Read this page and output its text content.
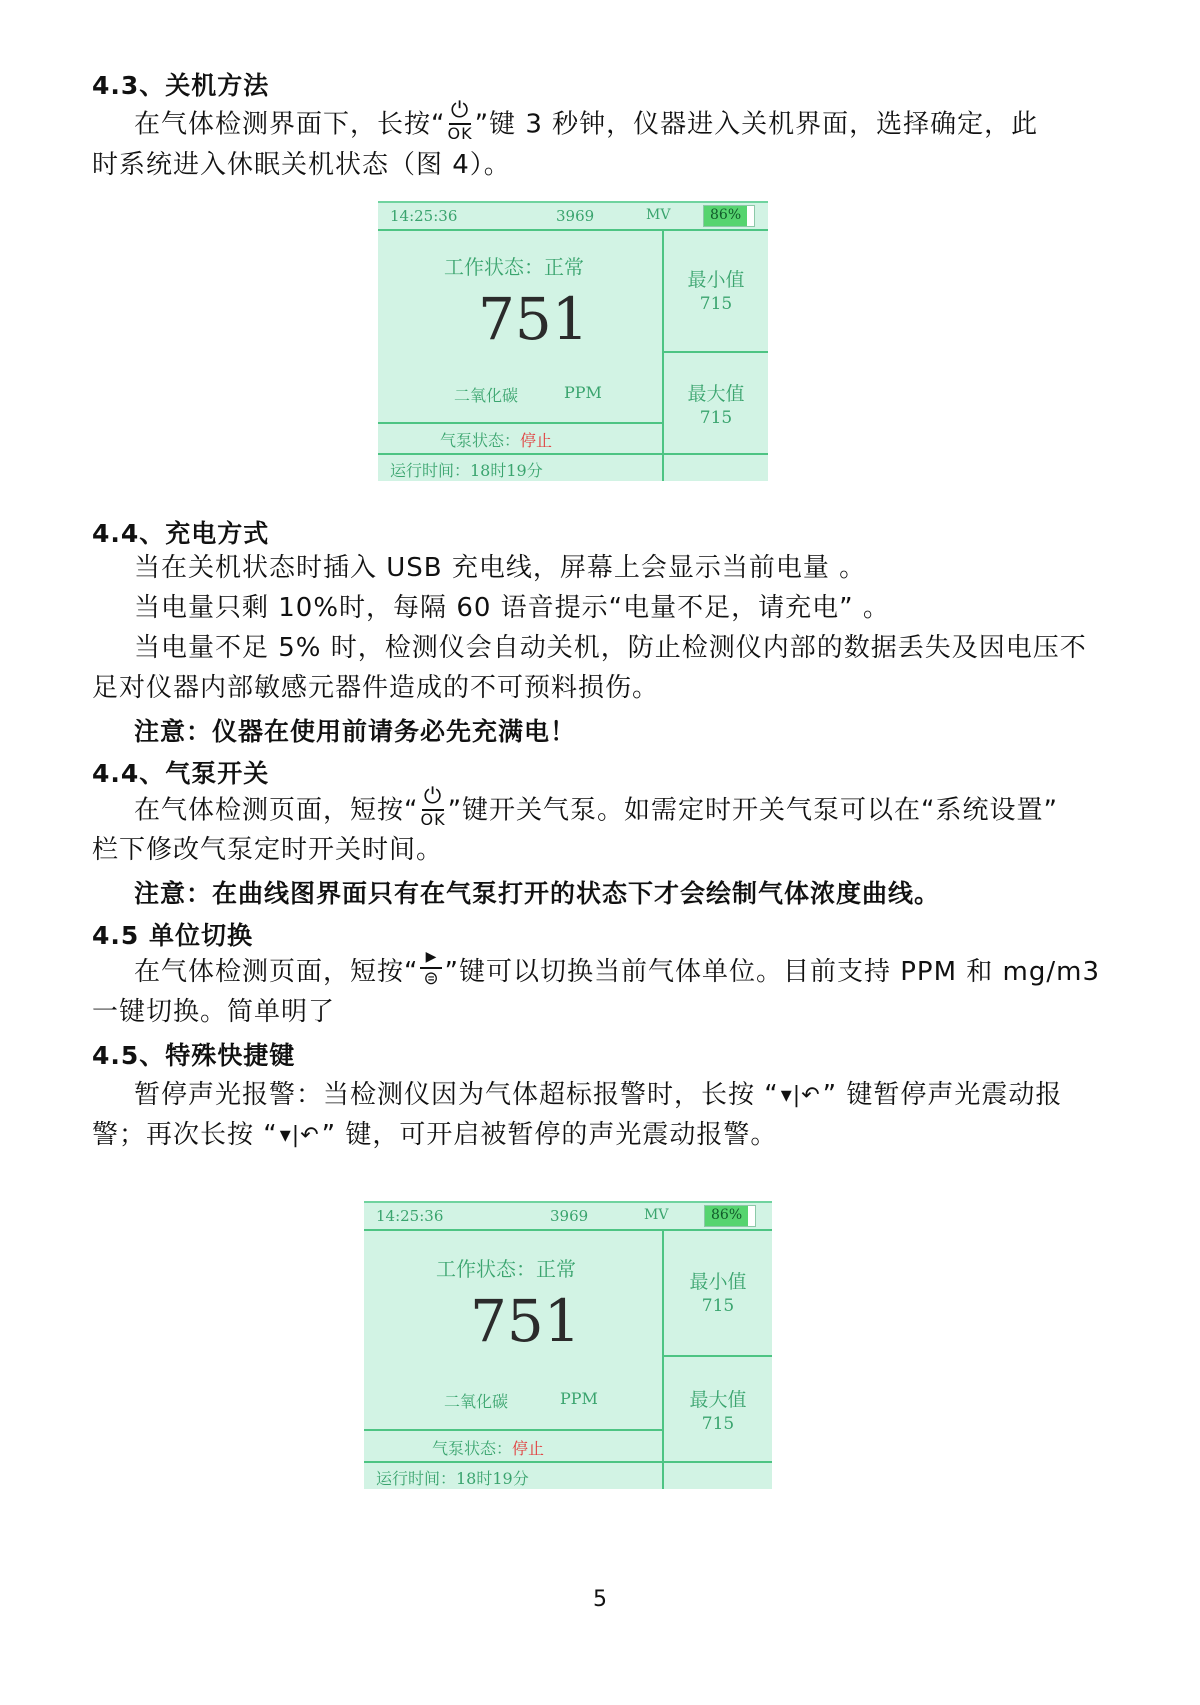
4.3、关机方法
在气体检测界面下，长按“ ⏻
OK ”键 3 秒钟，仪器进入关机界面，选择确定，此
时系统进入休眠关机状态（图 4）。
14:25:36	3969	MV	86%
工作状态：正常
751
二氧化碳	PPM
最小值
715
最大值
715
气泵状态：停止
运行时间：18时19分
4.4、充电方式
当在关机状态时插入 USB 充电线，屏幕上会显示当前电量 。
当电量只剩 10%时，每隔 60 语音提示“电量不足，请充电” 。
当电量不足 5% 时，检测仪会自动关机，防止检测仪内部的数据丢失及因电压不
足对仪器内部敏感元器件造成的不可预料损伤。
注意：仪器在使用前请务必先充满电！
4.4、气泵开关
在气体检测页面，短按“ ⏻
OK ”键开关气泵。如需定时开关气泵可以在“系统设置”
栏下修改气泵定时开关时间。
注意：在曲线图界面只有在气泵打开的状态下才会绘制气体浓度曲线。
4.5 单位切换
在气体检测页面，短按“
▶
⊜ ”键可以切换当前气体单位。目前支持 PPM 和 mg/m3
一键切换。简单明了
4.5、特殊快捷键
暂停声光报警：当检测仪因为气体超标报警时，长按 “▾|↶” 键暂停声光震动报
警；再次长按 “▾|↶” 键，可开启被暂停的声光震动报警。
14:25:36	3969	MV	86%
工作状态：正常
751
二氧化碳	PPM
最小值
715
最大值
715
气泵状态：停止
运行时间：18时19分
5
